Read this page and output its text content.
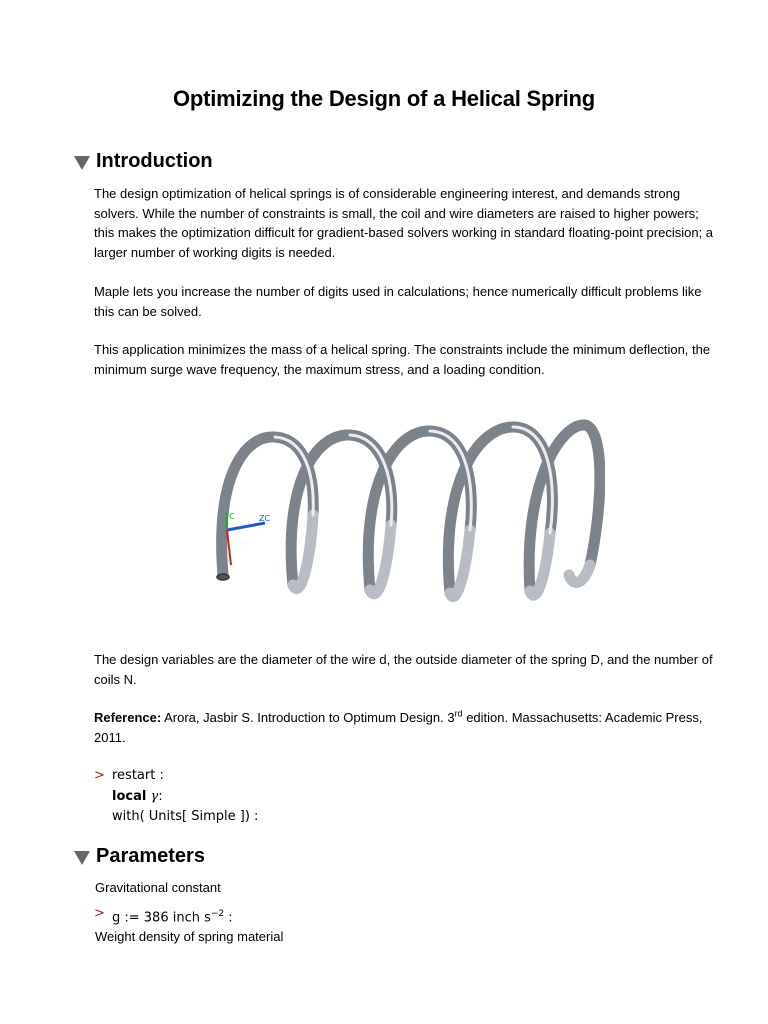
Optimizing the Design of a Helical Spring
Introduction
The design optimization of helical springs is of considerable engineering interest, and demands strong solvers. While the number of constraints is small, the coil and wire diameters are raised to higher powers; this makes the optimization difficult for gradient-based solvers working in standard floating-point precision; a larger number of working digits is needed.
Maple lets you increase the number of digits used in calculations; hence numerically difficult problems like this can be solved.
This application minimizes the mass of a helical spring. The constraints include the minimum deflection, the minimum surge wave frequency, the maximum stress, and a loading condition.
ZC
C
The design variables are the diameter of the wire d, the outside diameter of the spring D, and the number of coils N.
Reference: Arora, Jasbir S. Introduction to Optimum Design. 3rd edition. Massachusetts: Academic Press, 2011.
> restart :
local γ:
with( Units[ Simple ]) :
Parameters
Gravitational constant
> g := 386 inch $s^{-2}$ :
Weight density of spring material
